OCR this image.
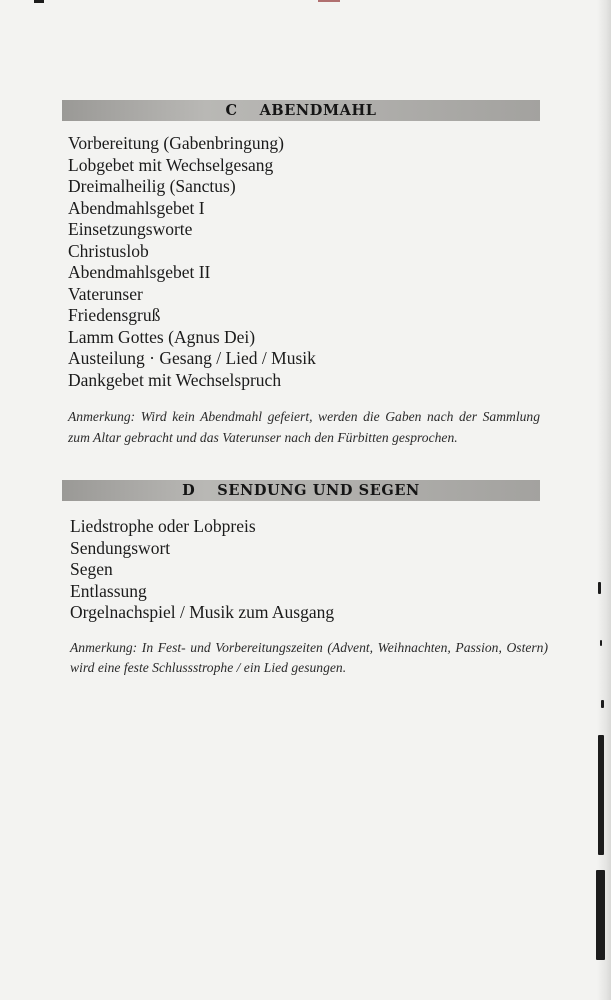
C ABENDMAHL
Vorbereitung (Gabenbringung)
Lobgebet mit Wechselgesang
Dreimalheilig (Sanctus)
Abendmahlsgebet I
Einsetzungsworte
Christuslob
Abendmahlsgebet II
Vaterunser
Friedensgruß
Lamm Gottes (Agnus Dei)
Austeilung · Gesang / Lied / Musik
Dankgebet mit Wechselspruch

Anmerkung: Wird kein Abendmahl gefeiert, werden die Gaben nach der Sammlung zum Altar gebracht und das Vaterunser nach den Fürbitten gesprochen.

D SENDUNG UND SEGEN
Liedstrophe oder Lobpreis
Sendungswort
Segen
Entlassung
Orgelnachspiel / Musik zum Ausgang

Anmerkung: In Fest- und Vorbereitungszeiten (Advent, Weihnachten, Passion, Ostern) wird eine feste Schlussstrophe / ein Lied gesungen.
